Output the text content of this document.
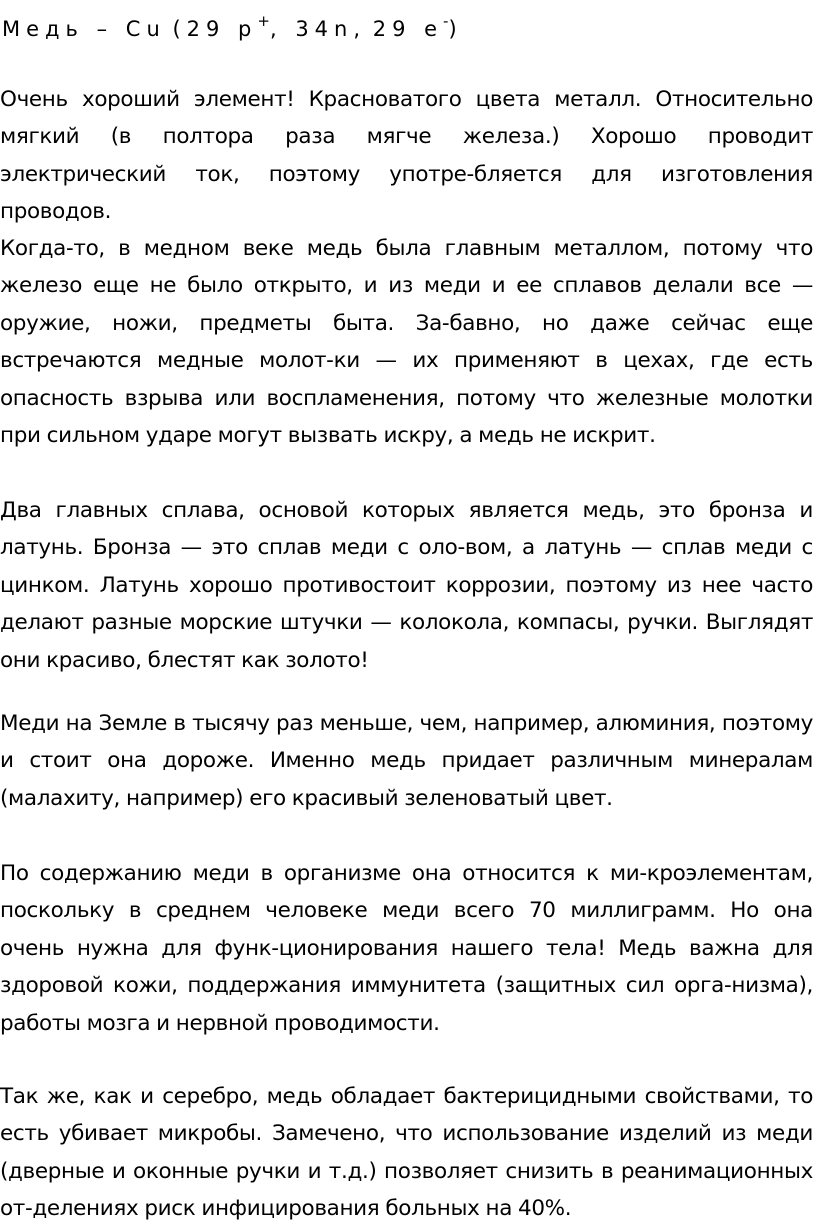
Медь – Cu (29 p+, 34n, 29 e-)
Очень хороший элемент! Красноватого цвета металл. Относительно
мягкий (в полтора раза мягче железа.) Хорошо проводит
электрический ток, поэтому употре-бляется для изготовления
проводов.
Когда-то, в медном веке медь была главным металлом, потому что
железо еще не было открыто, и из меди и ее сплавов делали все —
оружие, ножи, предметы быта. За-бавно, но даже сейчас еще
встречаются медные молот-ки — их применяют в цехах, где есть
опасность взрыва или воспламенения, потому что железные молотки
при сильном ударе могут вызвать искру, а медь не искрит.
Два главных сплава, основой которых является медь, это бронза и
латунь. Бронза — это сплав меди с оло-вом, а латунь — сплав меди с
цинком. Латунь хорошо противостоит коррозии, поэтому из нее часто
делают разные морские штучки — колокола, компасы, ручки. Выглядят
они красиво, блестят как золото!
Меди на Земле в тысячу раз меньше, чем, например, алюминия, поэтому
и стоит она дороже. Именно медь придает различным минералам
(малахиту, например) его красивый зеленоватый цвет.
По содержанию меди в организме она относится к ми-кроэлементам,
поскольку в среднем человеке меди всего 70 миллиграмм. Но она
очень нужна для функ-ционирования нашего тела! Медь важна для
здоровой кожи, поддержания иммунитета (защитных сил орга-низма),
работы мозга и нервной проводимости.
Так же, как и серебро, медь обладает бактерицидными свойствами, то
есть убивает микробы. Замечено, что использование изделий из меди
(дверные и оконные ручки и т.д.) позволяет снизить в реанимационных
от-делениях риск инфицирования больных на 40%.
